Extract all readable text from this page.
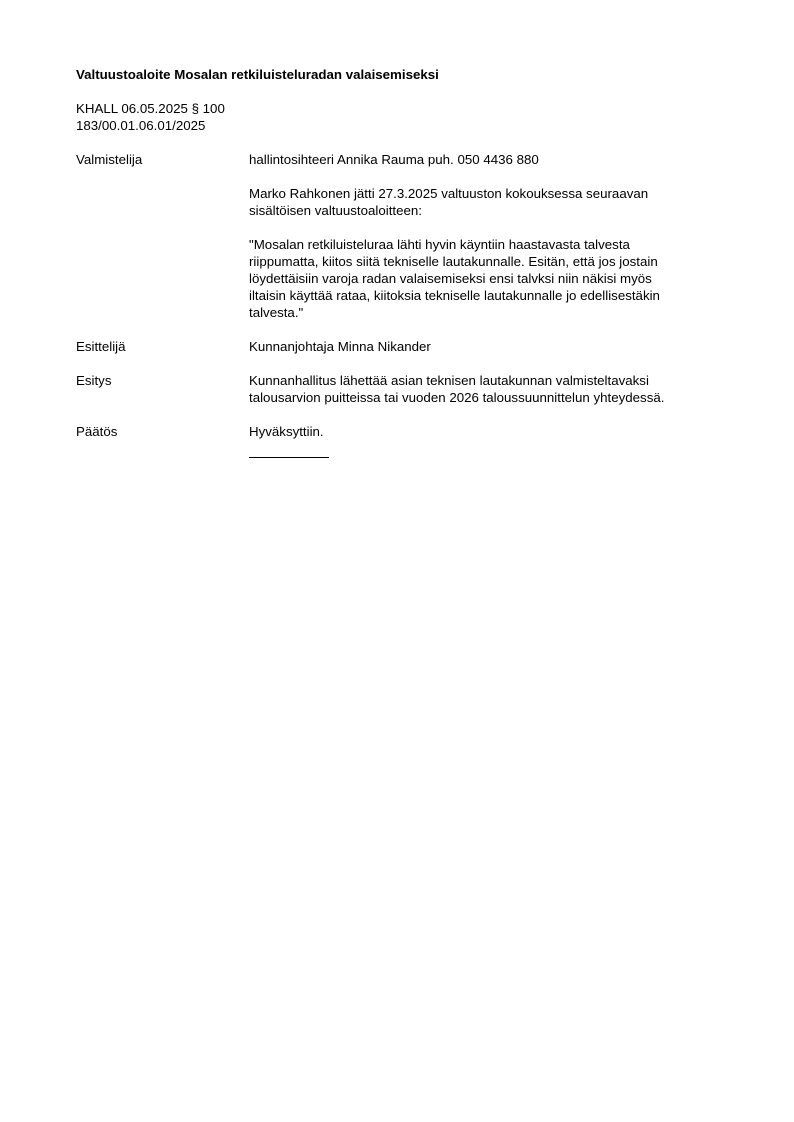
Valtuustoaloite Mosalan retkiluisteluradan valaisemiseksi
KHALL 06.05.2025 § 100
183/00.01.06.01/2025
Valmistelija	hallintosihteeri Annika Rauma puh. 050 4436 880

Marko Rahkonen jätti 27.3.2025 valtuuston kokouksessa seuraavan
sisältöisen valtuustoaloitteen:

"Mosalan retkiluisteluraa lähti hyvin käyntiin haastavasta talvesta
riippumatta, kiitos siitä tekniselle lautakunnalle. Esitän, että jos jostain
löydettäisiin varoja radan valaisemiseksi ensi talvksi niin näkisi myös
iltaisin käyttää rataa, kiitoksia tekniselle lautakunnalle jo edellisestäkin
talvesta."

Esittelijä	Kunnanjohtaja Minna Nikander

Esitys	Kunnanhallitus lähettää asian teknisen lautakunnan valmisteltavaksi
talousarvion puitteissa tai vuoden 2026 taloussuunnittelun yhteydessä.

Päätös	Hyväksyttiin.
